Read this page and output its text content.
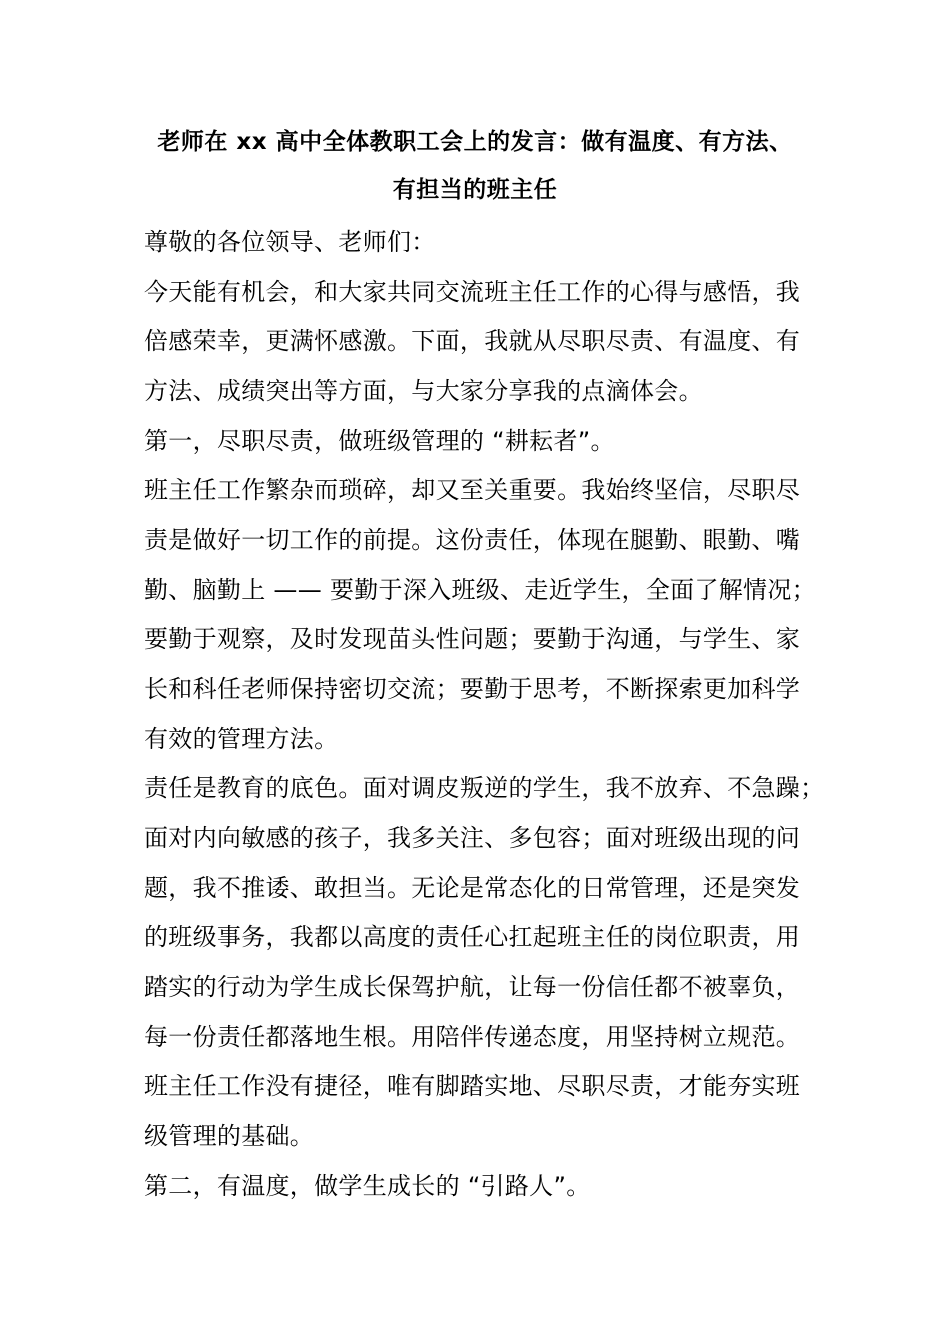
老师在 xx 高中全体教职工会上的发言：做有温度、有方法、
有担当的班主任
尊敬的各位领导、老师们：
今天能有机会，和大家共同交流班主任工作的心得与感悟，我
倍感荣幸，更满怀感激。下面，我就从尽职尽责、有温度、有
方法、成绩突出等方面，与大家分享我的点滴体会。
第一，尽职尽责，做班级管理的 “耕耘者”。
班主任工作繁杂而琐碎，却又至关重要。我始终坚信，尽职尽
责是做好一切工作的前提。这份责任，体现在腿勤、眼勤、嘴
勤、脑勤上 —— 要勤于深入班级、走近学生，全面了解情况；
要勤于观察，及时发现苗头性问题；要勤于沟通，与学生、家
长和科任老师保持密切交流；要勤于思考，不断探索更加科学
有效的管理方法。
责任是教育的底色。面对调皮叛逆的学生，我不放弃、不急躁；
面对内向敏感的孩子，我多关注、多包容；面对班级出现的问
题，我不推诿、敢担当。无论是常态化的日常管理，还是突发
的班级事务，我都以高度的责任心扛起班主任的岗位职责，用
踏实的行动为学生成长保驾护航，让每一份信任都不被辜负，
每一份责任都落地生根。用陪伴传递态度，用坚持树立规范。
班主任工作没有捷径，唯有脚踏实地、尽职尽责，才能夯实班
级管理的基础。
第二，有温度，做学生成长的 “引路人”。
